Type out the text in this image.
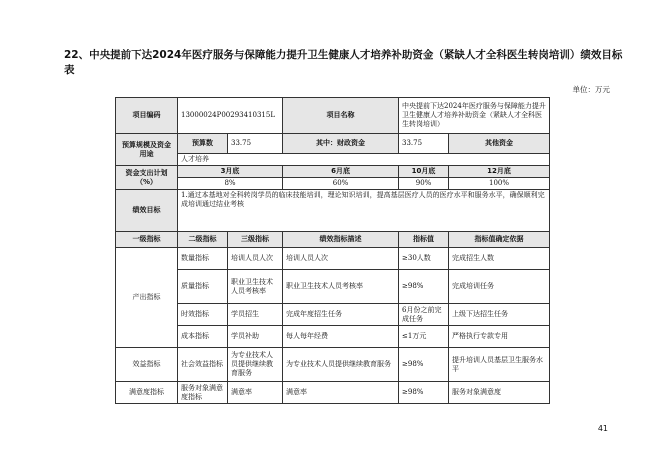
22、中央提前下达2024年医疗服务与保障能力提升卫生健康人才培养补助资金（紧缺人才全科医生转岗培训）绩效目标表
单位：万元
项目编码	13000024P00293410315L		项目名称	中央提前下达2024年医疗服务与保障能力提升卫生健康人才培养补助资金（紧缺人才全科医生转岗培训）	
预算规模及资金用途	预算数	33.75	其中：财政资金	33.75	其他资金
	人才培养				
资金支出计划（%）	3月底		6月底	10月底	12月底
	8%		60%	90%	100%
绩效目标	1.通过本基地对全科转岗学员的临床技能培训，理论知识培训，提高基层医疗人员的医疗水平和服务水平，确保顺利完成培训通过结业考核				
一级指标	二级指标	三级指标	绩效指标描述	指标值	指标值确定依据
产出指标	数量指标	培训人员人次	培训人员人次	≥30人数	完成招生人数
	质量指标	职业卫生技术人员考核率	职业卫生技术人员考核率	≥98%	完成培训任务
	时效指标	学员招生	完成年度招生任务	6月份之前完成任务	上级下达招生任务
	成本指标	学员补助	每人每年经费	≤1万元	严格执行专款专用
效益指标	社会效益指标	为专业技术人员提供继续教育服务	为专业技术人员提供继续教育服务	≥98%	提升培训人员基层卫生服务水平
满意度指标	服务对象满意度指标	满意率	满意率	≥98%	服务对象满意度
41
